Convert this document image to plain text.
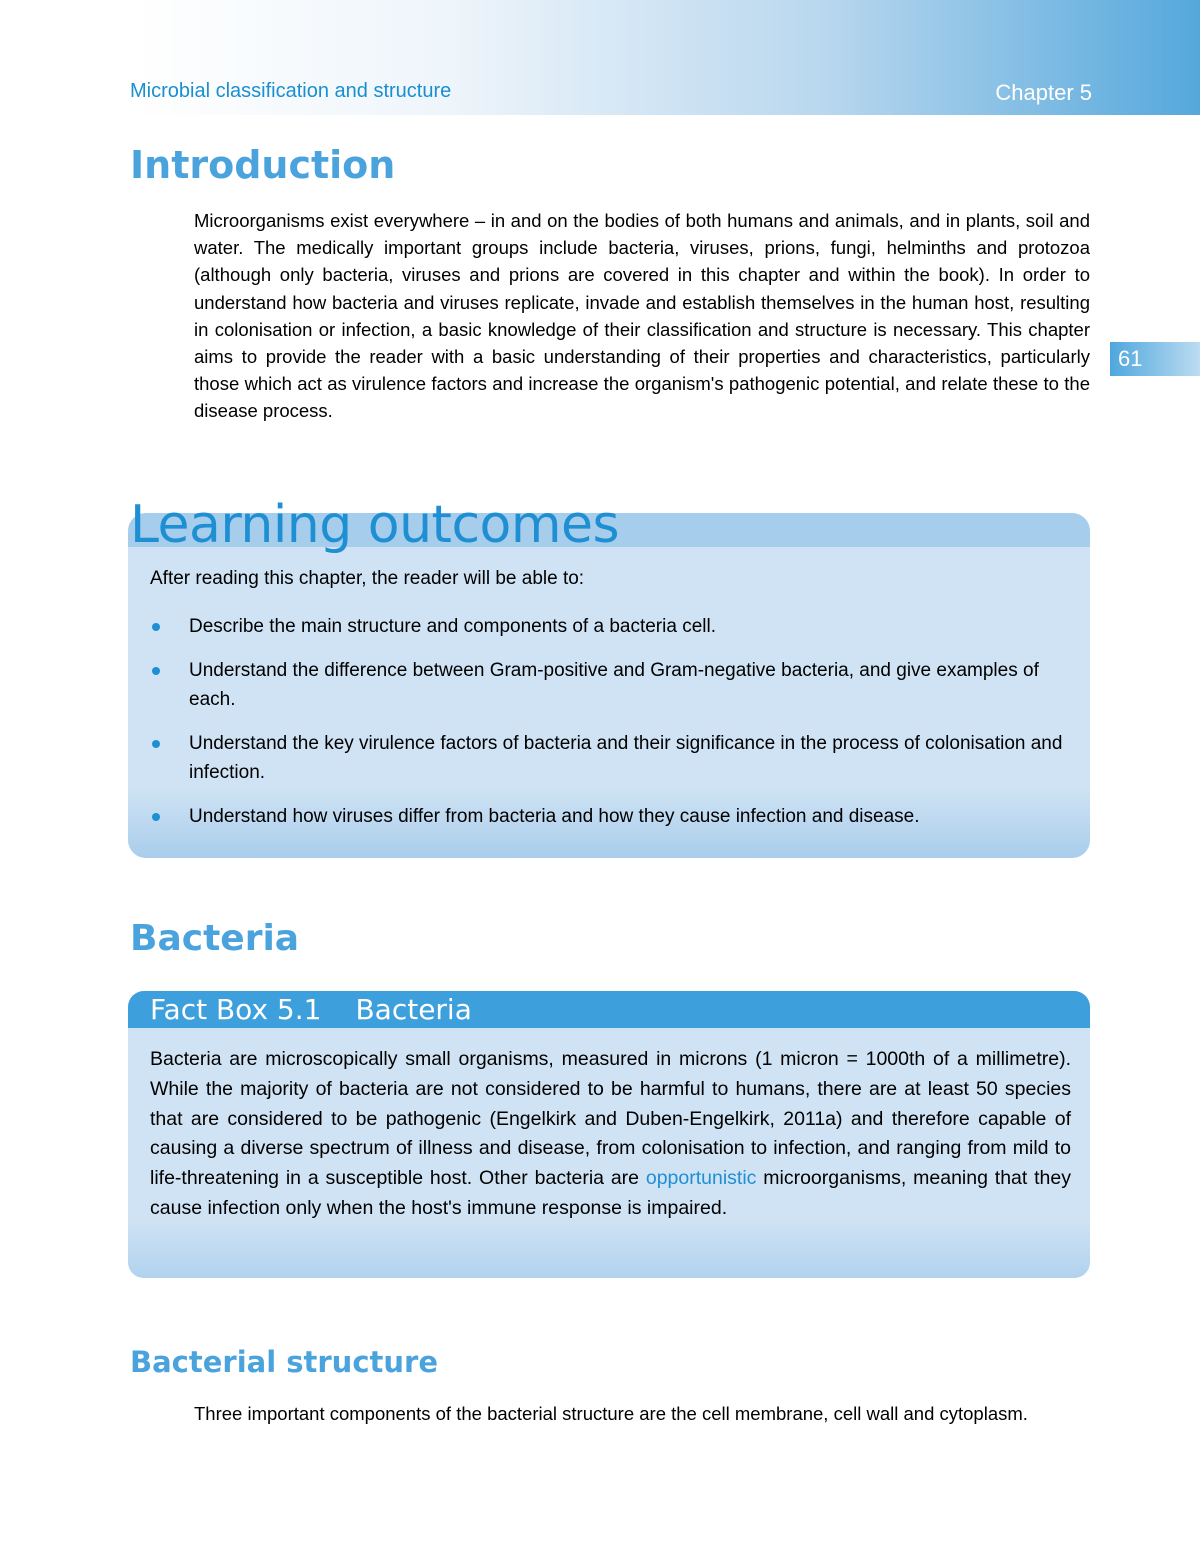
Microbial classification and structure	Chapter 5
61
Introduction

Microorganisms exist everywhere – in and on the bodies of both humans and animals, and in plants, soil and water. The medically important groups include bacteria, viruses, prions, fungi, helminths and protozoa (although only bacteria, viruses and prions are covered in this chapter and within the book). In order to understand how bacteria and viruses replicate, invade and establish themselves in the human host, resulting in colonisation or infection, a basic knowledge of their classification and structure is necessary. This chapter aims to provide the reader with a basic understanding of their properties and characteristics, particularly those which act as virulence factors and increase the organism's pathogenic potential, and relate these to the disease process.

Learning outcomes

After reading this chapter, the reader will be able to:

Describe the main structure and components of a bacteria cell.
Understand the difference between Gram-positive and Gram-negative bacteria, and give examples of each.
Understand the key virulence factors of bacteria and their significance in the process of colonisation and infection.
Understand how viruses differ from bacteria and how they cause infection and disease.
Bacteria
Fact Box 5.1 Bacteria

Bacteria are microscopically small organisms, measured in microns (1 micron = 1000th of a millimetre). While the majority of bacteria are not considered to be harmful to humans, there are at least 50 species that are considered to be pathogenic (Engelkirk and Duben-Engelkirk, 2011a) and therefore capable of causing a diverse spectrum of illness and disease, from colonisation to infection, and ranging from mild to life-threatening in a susceptible host. Other bacteria are opportunistic microorganisms, meaning that they cause infection only when the host's immune response is impaired.

Bacterial structure

Three important components of the bacterial structure are the cell membrane, cell wall and cytoplasm.
